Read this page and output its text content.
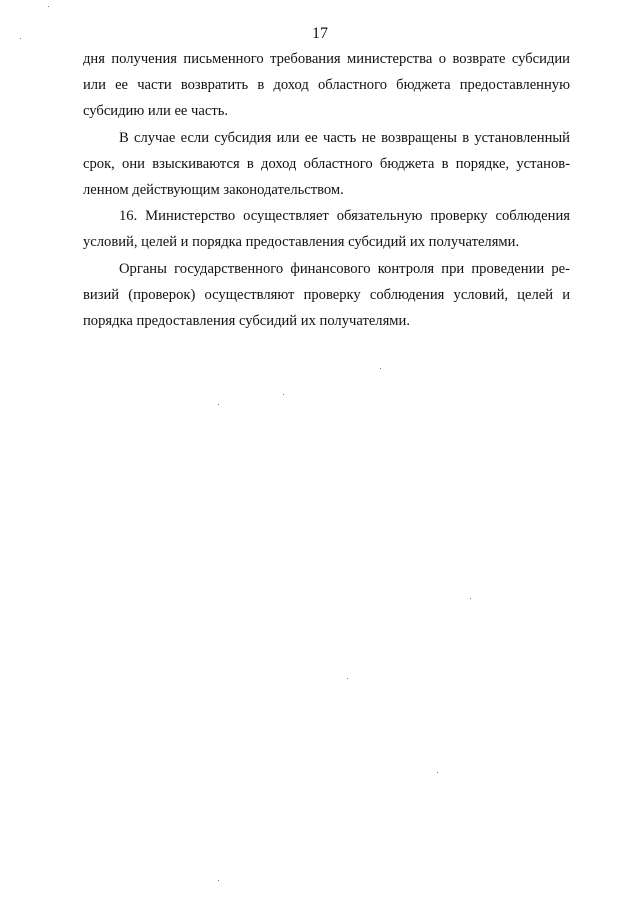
17
дня получения письменного требования министерства о возврате субсидии
или ее части возвратить в доход областного бюджета предоставленную
субсидию или ее часть.
В случае если субсидия или ее часть не возвращены в установленный
срок, они взыскиваются в доход областного бюджета в порядке, установ-
ленном действующим законодательством.
16. Министерство осуществляет обязательную проверку соблюдения
условий, целей и порядка предоставления субсидий их получателями.
Органы государственного финансового контроля при проведении ре-
визий (проверок) осуществляют проверку соблюдения условий, целей и
порядка предоставления субсидий их получателями.
